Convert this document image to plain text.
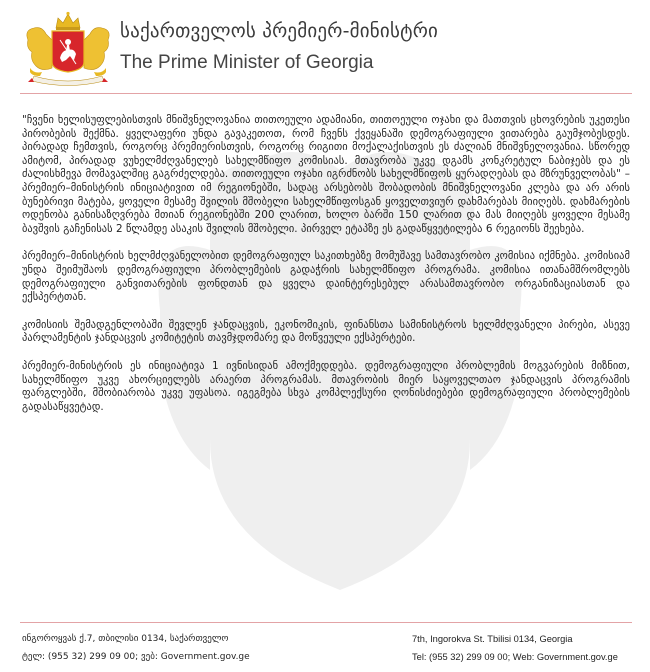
საქართველოს პრემიერ-მინისტრი
The Prime Minister of Georgia

"ჩვენი ხელისუფლებისთვის მნიშვნელოვანია თითოეული ადამიანი, თითოეული ოჯახი და მათთვის ცხოვრების უკეთესი პირობების შექმნა. ყველაფერი უნდა გავაკეთოთ, რომ ჩვენს ქვეყანაში დემოგრაფიული ვითარება გაუმჯობესდეს. პირადად ჩემთვის, როგორც პრემიერისთვის, როგორც რიგითი მოქალაქისთვის ეს ძალიან მნიშვნელოვანია. სწორედ ამიტომ, პირადად ვუხელმძღვანელებ სახელმწიფო კომისიას. მთავრობა უკვე დგამს კონკრეტულ ნაბიჯებს და ეს ძალისხმევა მომავალშიც გაგრძელდება. თითოეული ოჯახი იგრძნობს სახელმწიფოს ყურადღებას და მზრუნველობას" – პრემიერ–მინისტრის ინიციატივით იმ რეგიონებში, სადაც არსებობს შობადობის მნიშვნელოვანი კლება და არ არის ბუნებრივი მატება, ყოველი მესამე შვილის მშობელი სახელმწიფოსგან ყოველთვიურ დახმარებას მიიღებს. დახმარების ოდენობა განისაზღვრება მთიან რეგიონებში 200 ლარით, ხოლო ბარში 150 ლარით და მას მიიღებს ყოველი მესამე ბავშვის გაჩენისას 2 წლამდე ასაკის შვილის მშობელი. პირველ ეტაპზე ეს გადაწყვეტილება 6 რეგიონს შეეხება.

პრემიერ–მინისტრის ხელმძღვანელობით დემოგრაფიულ საკითხებზე მომუშავე სამთავრობო კომისია იქმნება. კომისიამ უნდა შეიმუშაოს დემოგრაფიული პრობლემების გადაჭრის სახელმწიფო პროგრამა. კომისია ითანამშრომლებს დემოგრაფიული განვითარების ფონდთან და ყველა დაინტერესებულ არასამთავრობო ორგანიზაციასთან და ექსპერტთან.

კომისიის შემადგენლობაში შევლენ ჯანდაცვის, ეკონომიკის, ფინანსთა სამინისტროს ხელმძღვანელი პირები, ასევე პარლამენტის ჯანდაცვის კომიტეტის თავმჯდომარე და მოწვეული ექსპერტები.

პრემიერ-მინისტრის ეს ინიციატივა 1 ივნისიდან ამოქმედდება. დემოგრაფიული პრობლემის მოგვარების მიზნით, სახელმწიფო უკვე ახორციელებს არაერთ პროგრამას. მთავრობის მიერ საყოველთაო ჯანდაცვის პროგრამის ფარგლებში, მშობიარობა უკვე უფასოა. იგეგმება სხვა კომპლექსური ღონისძიებები დემოგრაფიული პრობლემების გადასაწყვეტად.

ინგოროყვას ქ.7, თბილისი 0134, საქართველო
ტელ: (955 32) 299 09 00; ვებ: Government.gov.ge
7th, Ingorokva St. Tbilisi 0134, Georgia
Tel: (955 32) 299 09 00; Web: Government.gov.ge
